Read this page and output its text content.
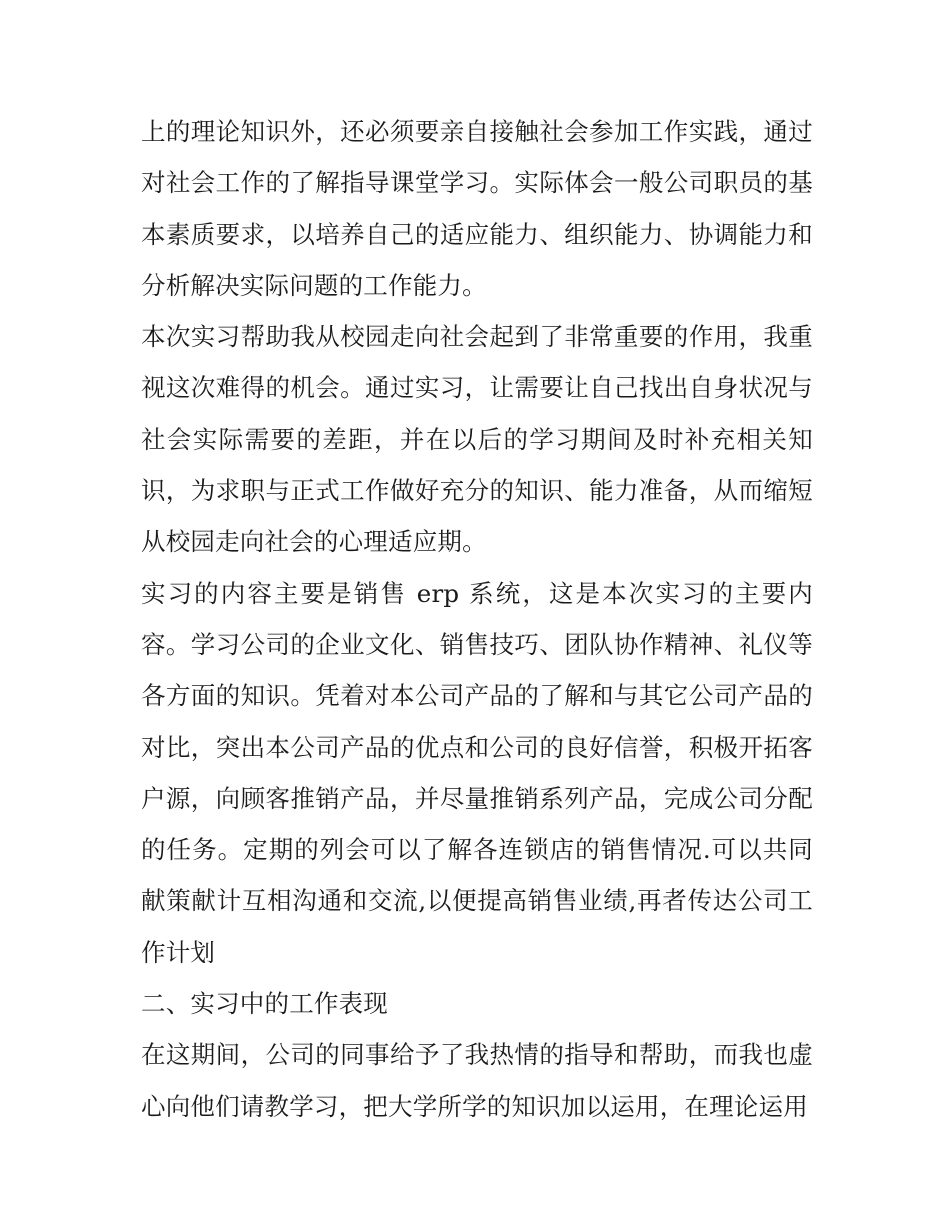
上的理论知识外，还必须要亲自接触社会参加工作实践，通过对社会工作的了解指导课堂学习。实际体会一般公司职员的基本素质要求，以培养自己的适应能力、组织能力、协调能力和分析解决实际问题的工作能力。

本次实习帮助我从校园走向社会起到了非常重要的作用，我重视这次难得的机会。通过实习，让需要让自己找出自身状况与社会实际需要的差距，并在以后的学习期间及时补充相关知识，为求职与正式工作做好充分的知识、能力准备，从而缩短从校园走向社会的心理适应期。

实习的内容主要是销售 erp 系统，这是本次实习的主要内容。学习公司的企业文化、销售技巧、团队协作精神、礼仪等各方面的知识。凭着对本公司产品的了解和与其它公司产品的对比，突出本公司产品的优点和公司的良好信誉，积极开拓客户源，向顾客推销产品，并尽量推销系列产品，完成公司分配的任务。定期的列会可以了解各连锁店的销售情况.可以共同献策献计互相沟通和交流,以便提高销售业绩,再者传达公司工作计划

二、实习中的工作表现

在这期间，公司的同事给予了我热情的指导和帮助，而我也虚心向他们请教学习，把大学所学的知识加以运用，在理论运用
